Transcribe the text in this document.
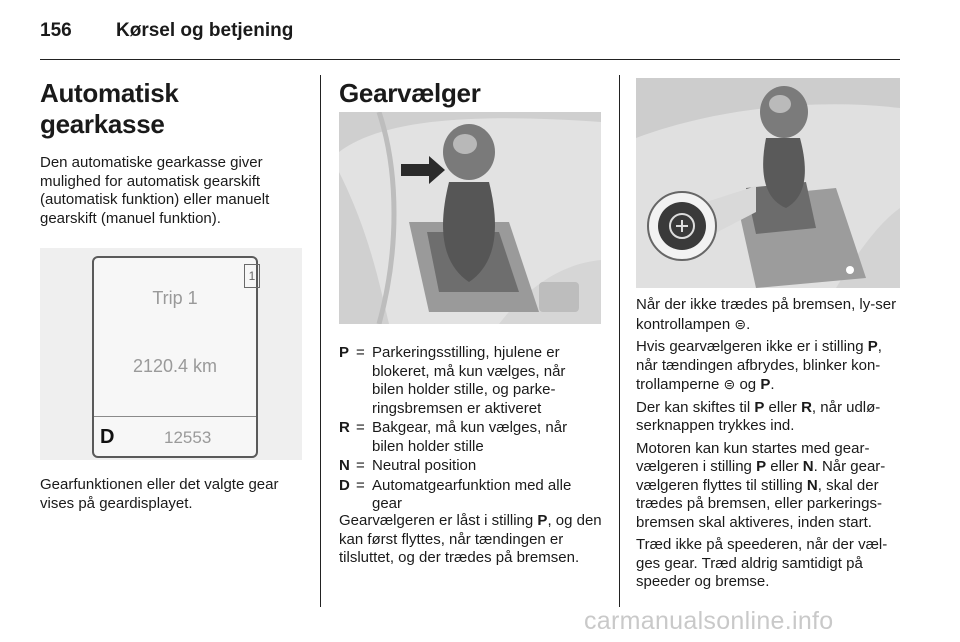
156 Kørsel og betjening
Automatisk gearkasse

Den automatiske gearkasse giver mulighed for automatisk gearskift (automatisk funktion) eller manuelt gearskift (manuel funktion).

1
Trip 1
2120.4 km
D	12553

Gearfunktionen eller det valgte gear vises på geardisplayet.

Gearvælger
P = Parkeringsstilling, hjulene er blokeret, må kun vælges, når bilen holder stille, og parke-ringsbremsen er aktiveret
R = Bakgear, må kun vælges, når bilen holder stille
N = Neutral position
D = Automatgearfunktion med alle gear

Gearvælgeren er låst i stilling P, og den kan først flyttes, når tændingen er tilsluttet, og der trædes på bremsen.

Når der ikke trædes på bremsen, ly-ser kontrollampen ⊜.

Hvis gearvælgeren ikke er i stilling P, når tændingen afbrydes, blinker kon-trollamperne ⊜ og P.

Der kan skiftes til P eller R, når udlø-serknappen trykkes ind.

Motoren kan kun startes med gear-vælgeren i stilling P eller N. Når gear-vælgeren flyttes til stilling N, skal der trædes på bremsen, eller parkerings-bremsen skal aktiveres, inden start.

Træd ikke på speederen, når der væl-ges gear. Træd aldrig samtidigt på speeder og bremse.

carmanualsonline.info
